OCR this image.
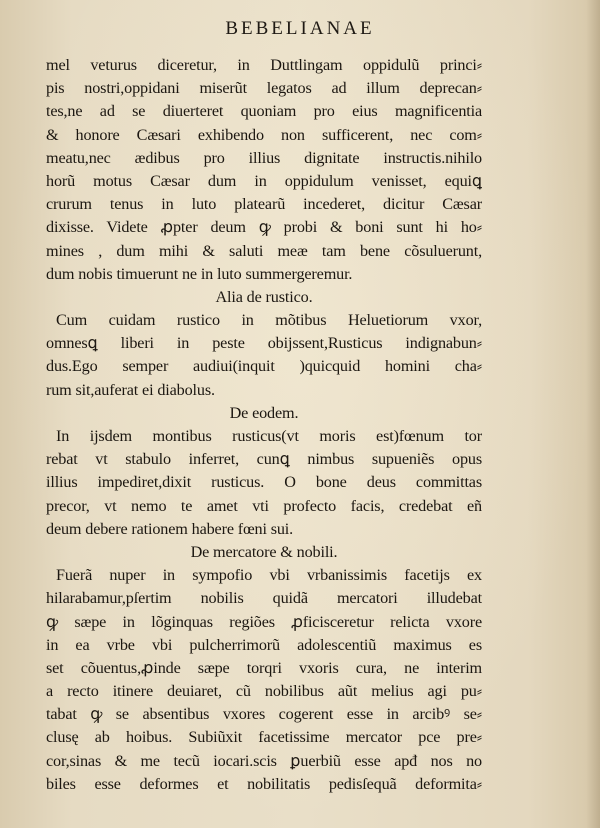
BEBELIANAE
mel veturus diceretur, in Duttlingam oppidulũ princi⸗
pis nostri,oppidani miserũt legatos ad illum deprecan⸗
tes,ne ad se diuerteret quoniam pro eius magnificentia
& honore Cæsari exhibendo non sufficerent, nec com⸗
meatu,nec ædibus pro illius dignitate instructis.nihilo
horũ motus Cæsar dum in oppidulum venisset, equiꝗ
crurum tenus in luto platearũ incederet, dicitur Cæsar
dixisse. Videte ꝓpter deum ꝙ probi & boni sunt hi ho⸗
mines , dum mihi & saluti meæ tam bene cõsuluerunt,
dum nobis timuerunt ne in luto summergeremur.
Alia de rustico.
Cum cuidam rustico in mõtibus Heluetiorum vxor,
omnesꝗ liberi in peste obijssent,Rusticus indignabun⸗
dus.Ego semper audiui(inquit )quicquid homini cha⸗
rum sit,auferat ei diabolus.
De eodem.
In ijsdem montibus rusticus(vt moris est)fœnum tor
rebat vt stabulo inferret, cunꝗ nimbus supueniẽs opus
illius impediret,dixit rusticus. O bone deus committas
precor, vt nemo te amet vti profecto facis, credebat eñ
deum debere rationem habere fœni sui.
De mercatore & nobili.
Fuerã nuper in sympofio vbi vrbanissimis facetijs ex
hilarabamur,pſertim nobilis quidã mercatori illudebat
ꝙ sæpe in lõginquas regiões ꝓficisceretur relicta vxore
in ea vrbe vbi pulcherrimorũ adolescentiũ maximus es
set cõuentus,ꝓinde sæpe torqri vxoris cura, ne interim
a recto itinere deuiaret, cũ nobilibus aũt melius agi pu⸗
tabat ꝙ se absentibus vxores cogerent esse in arcibꝰ se⸗
clusę ab hoibus. Subiũxit facetissime mercator pce pre⸗
cor,sinas & me tecũ iocari.scis ꝑuerbiũ esse apđ nos no
biles esse deformes et nobilitatis pedisſequã deformita⸗
